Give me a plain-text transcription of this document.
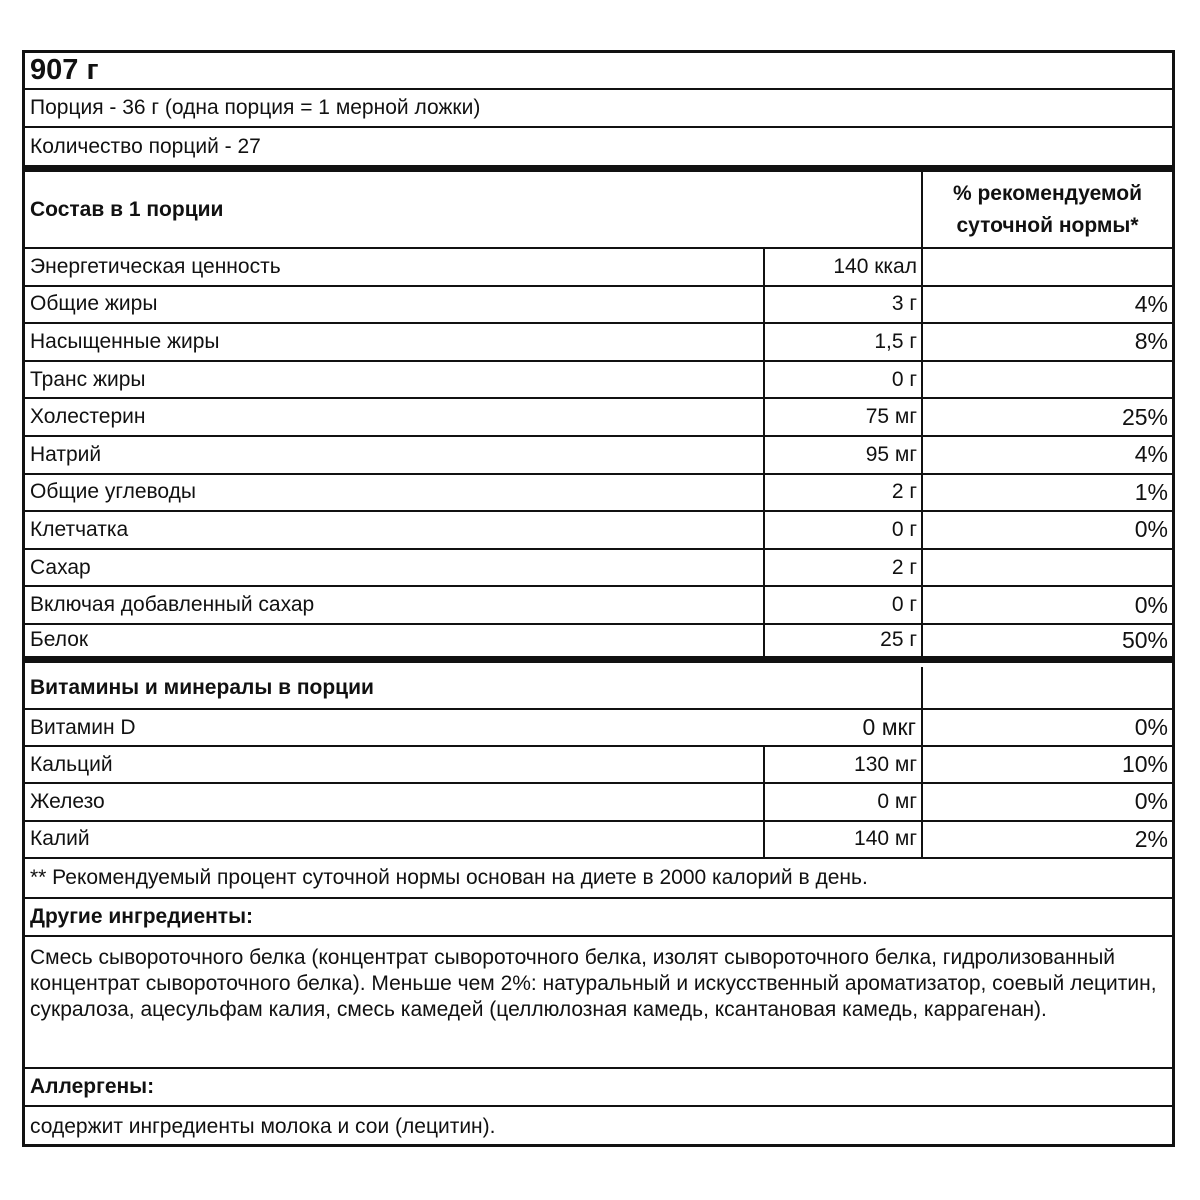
907 г
Порция - 36 г (одна порция = 1 мерной ложки)
Количество порций - 27
Состав в 1 порции
% рекомендуемой суточной нормы*
Энергетическая ценность	140 ккал
Общие жиры	3 г	4%
Насыщенные жиры	1,5 г	8%
Транс жиры	0 г
Холестерин	75 мг	25%
Натрий	95 мг	4%
Общие углеводы	2 г	1%
Клетчатка	0 г	0%
Сахар	2 г
Включая добавленный сахар	0 г	0%
Белок	25 г	50%
Витамины и минералы в порции
Витамин D	0 мкг	0%
Кальций	130 мг	10%
Железо	0 мг	0%
Калий	140 мг	2%
** Рекомендуемый процент суточной нормы основан на диете в 2000 калорий в день.
Другие ингредиенты:
Смесь сывороточного белка (концентрат сывороточного белка, изолят сывороточного белка, гидролизованный концентрат сывороточного белка). Меньше чем 2%: натуральный и искусственный ароматизатор, соевый лецитин, сукралоза, ацесульфам калия, смесь камедей (целлюлозная камедь, ксантановая камедь, каррагенан).
Аллергены:
содержит ингредиенты молока и сои (лецитин).
